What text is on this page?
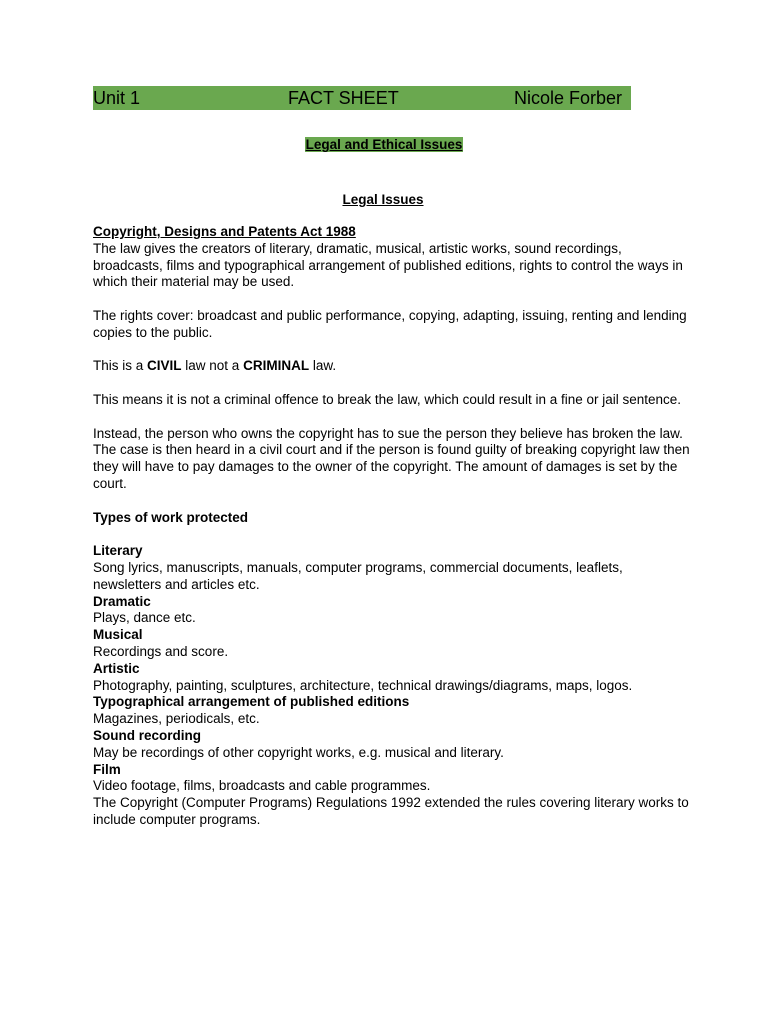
Unit 1	FACT SHEET	Nicole Forber
Legal and Ethical Issues
Legal Issues

Copyright, Designs and Patents Act 1988

The law gives the creators of literary, dramatic, musical, artistic works, sound recordings, broadcasts, films and typographical arrangement of published editions, rights to control the ways in which their material may be used.

The rights cover: broadcast and public performance, copying, adapting, issuing, renting and lending copies to the public.

This is a CIVIL law not a CRIMINAL law.

This means it is not a criminal offence to break the law, which could result in a fine or jail sentence.

Instead, the person who owns the copyright has to sue the person they believe has broken the law. The case is then heard in a civil court and if the person is found guilty of breaking copyright law then they will have to pay damages to the owner of the copyright. The amount of damages is set by the court.

Types of work protected

Literary

Song lyrics, manuscripts, manuals, computer programs, commercial documents, leaflets, newsletters and articles etc.

Dramatic

Plays, dance etc.

Musical

Recordings and score.

Artistic

Photography, painting, sculptures, architecture, technical drawings/diagrams, maps, logos.

Typographical arrangement of published editions

Magazines, periodicals, etc.

Sound recording

May be recordings of other copyright works, e.g. musical and literary.

Film

Video footage, films, broadcasts and cable programmes.

The Copyright (Computer Programs) Regulations 1992 extended the rules covering literary works to include computer programs.
